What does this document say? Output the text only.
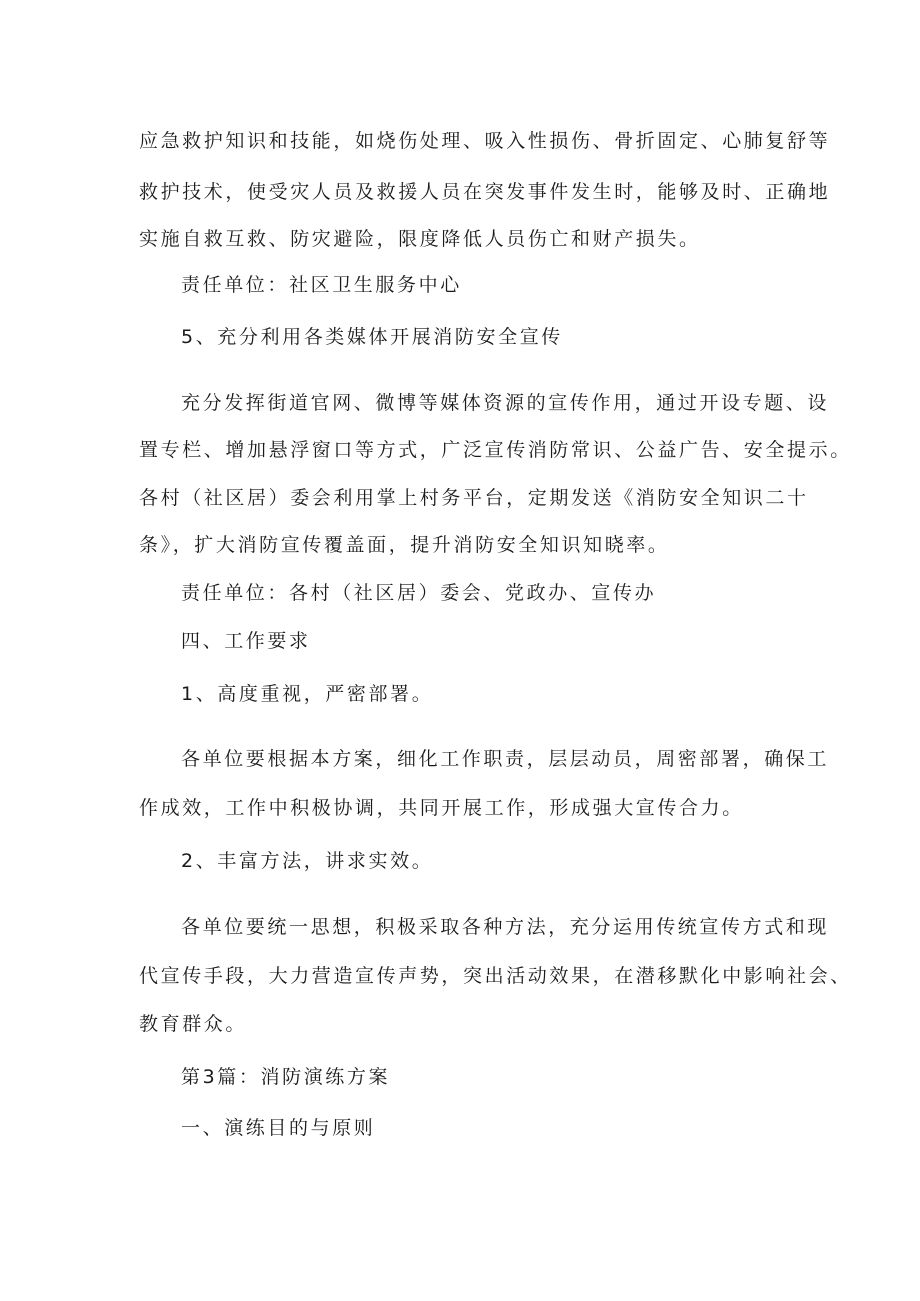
应急救护知识和技能，如烧伤处理、吸入性损伤、骨折固定、心肺复舒等
救护技术，使受灾人员及救援人员在突发事件发生时，能够及时、正确地
实施自救互救、防灾避险，限度降低人员伤亡和财产损失。
责任单位：社区卫生服务中心
5、充分利用各类媒体开展消防安全宣传
充分发挥街道官网、微博等媒体资源的宣传作用，通过开设专题、设
置专栏、增加悬浮窗口等方式，广泛宣传消防常识、公益广告、安全提示。
各村（社区居）委会利用掌上村务平台，定期发送《消防安全知识二十
条》，扩大消防宣传覆盖面，提升消防安全知识知晓率。
责任单位：各村（社区居）委会、党政办、宣传办
四、工作要求
1、高度重视，严密部署。
各单位要根据本方案，细化工作职责，层层动员，周密部署，确保工
作成效，工作中积极协调，共同开展工作，形成强大宣传合力。
2、丰富方法，讲求实效。
各单位要统一思想，积极采取各种方法，充分运用传统宣传方式和现
代宣传手段，大力营造宣传声势，突出活动效果，在潜移默化中影响社会、
教育群众。
第3篇：消防演练方案
一、演练目的与原则
